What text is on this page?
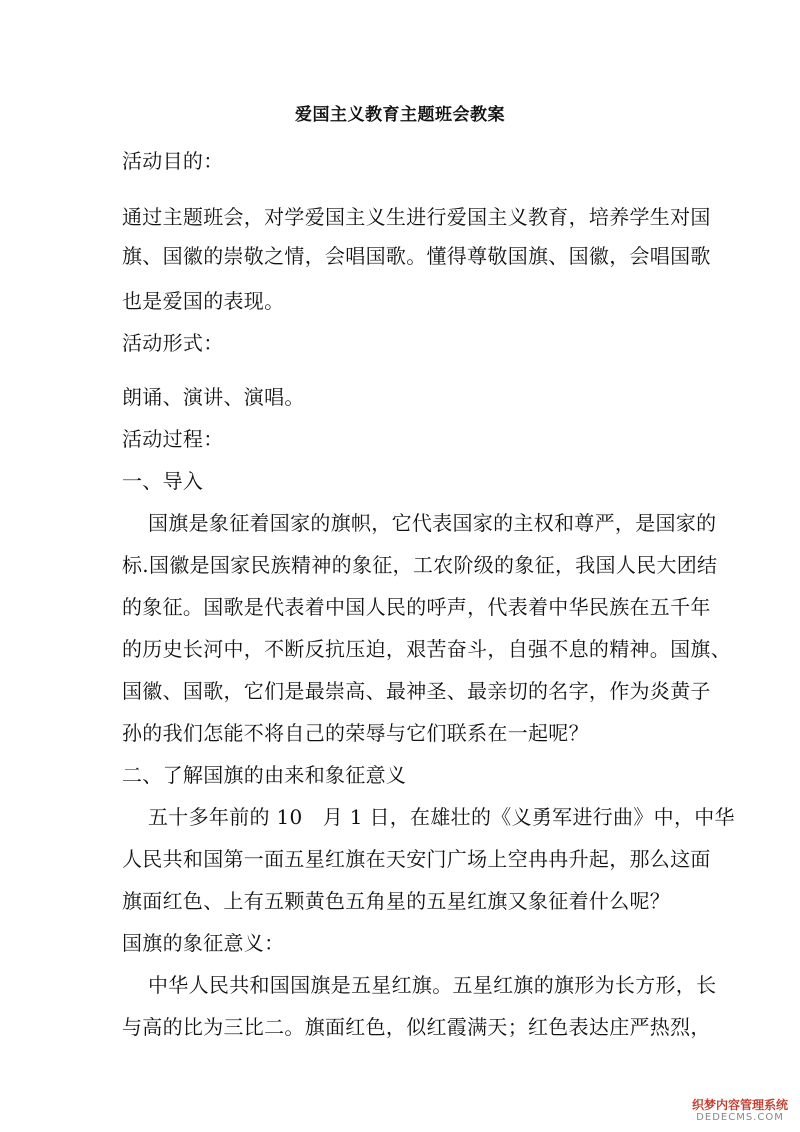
爱国主义教育主题班会教案
活动目的：
通过主题班会，对学爱国主义生进行爱国主义教育，培养学生对国
旗、国徽的崇敬之情，会唱国歌。懂得尊敬国旗、国徽，会唱国歌
也是爱国的表现。
活动形式：
朗诵、演讲、演唱。
活动过程：
一、导入
国旗是象征着国家的旗帜，它代表国家的主权和尊严，是国家的
标.国徽是国家民族精神的象征，工农阶级的象征，我国人民大团结
的象征。国歌是代表着中国人民的呼声，代表着中华民族在五千年
的历史长河中，不断反抗压迫，艰苦奋斗，自强不息的精神。国旗、
国徽、国歌，它们是最崇高、最神圣、最亲切的名字，作为炎黄子
孙的我们怎能不将自己的荣辱与它们联系在一起呢？
二、了解国旗的由来和象征意义
五十多年前的 10　月 1 日，在雄壮的《义勇军进行曲》中，中华
人民共和国第一面五星红旗在天安门广场上空冉冉升起，那么这面
旗面红色、上有五颗黄色五角星的五星红旗又象征着什么呢？
国旗的象征意义：
中华人民共和国国旗是五星红旗。五星红旗的旗形为长方形，长
与高的比为三比二。旗面红色，似红霞满天；红色表达庄严热烈，
织梦内容管理系统
DEDECMS.COM
